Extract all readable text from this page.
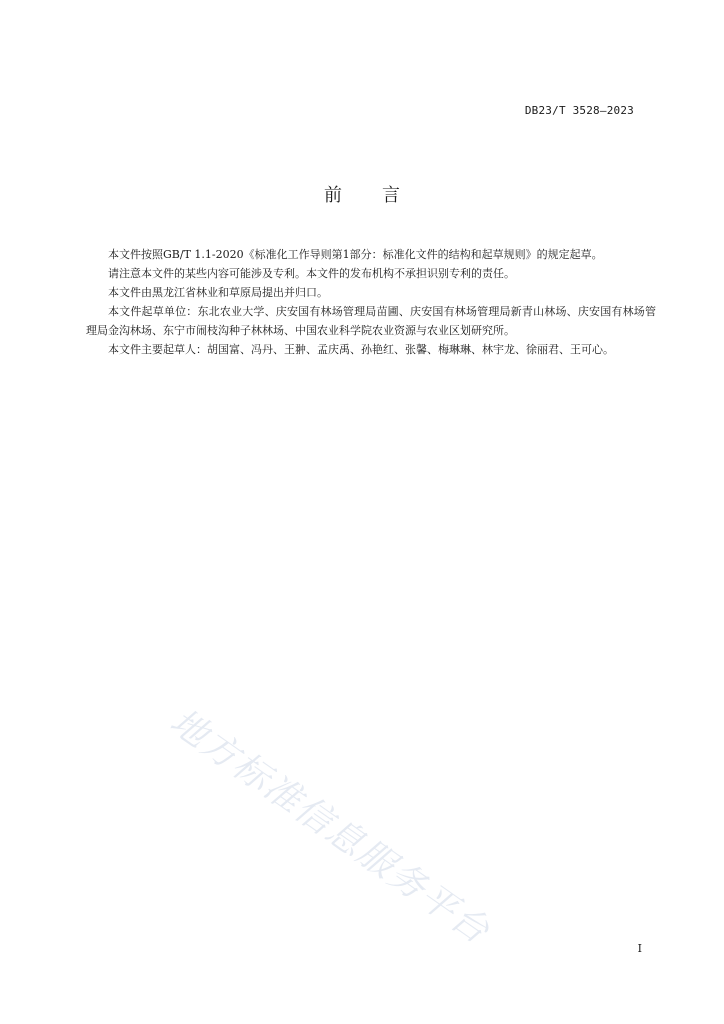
DB23/T 3528—2023
前言

本文件按照GB/T 1.1-2020《标准化工作导则第1部分：标准化文件的结构和起草规则》的规定起草。

请注意本文件的某些内容可能涉及专利。本文件的发布机构不承担识别专利的责任。

本文件由黑龙江省林业和草原局提出并归口。

本文件起草单位：东北农业大学、庆安国有林场管理局苗圃、庆安国有林场管理局新青山林场、庆安国有林场管理局金沟林场、东宁市闹枝沟种子林林场、中国农业科学院农业资源与农业区划研究所。

本文件主要起草人：胡国富、冯丹、王翀、孟庆禹、孙艳红、张馨、梅琳琳、林宇龙、徐丽君、王可心。

地方标准信息服务平台	I
